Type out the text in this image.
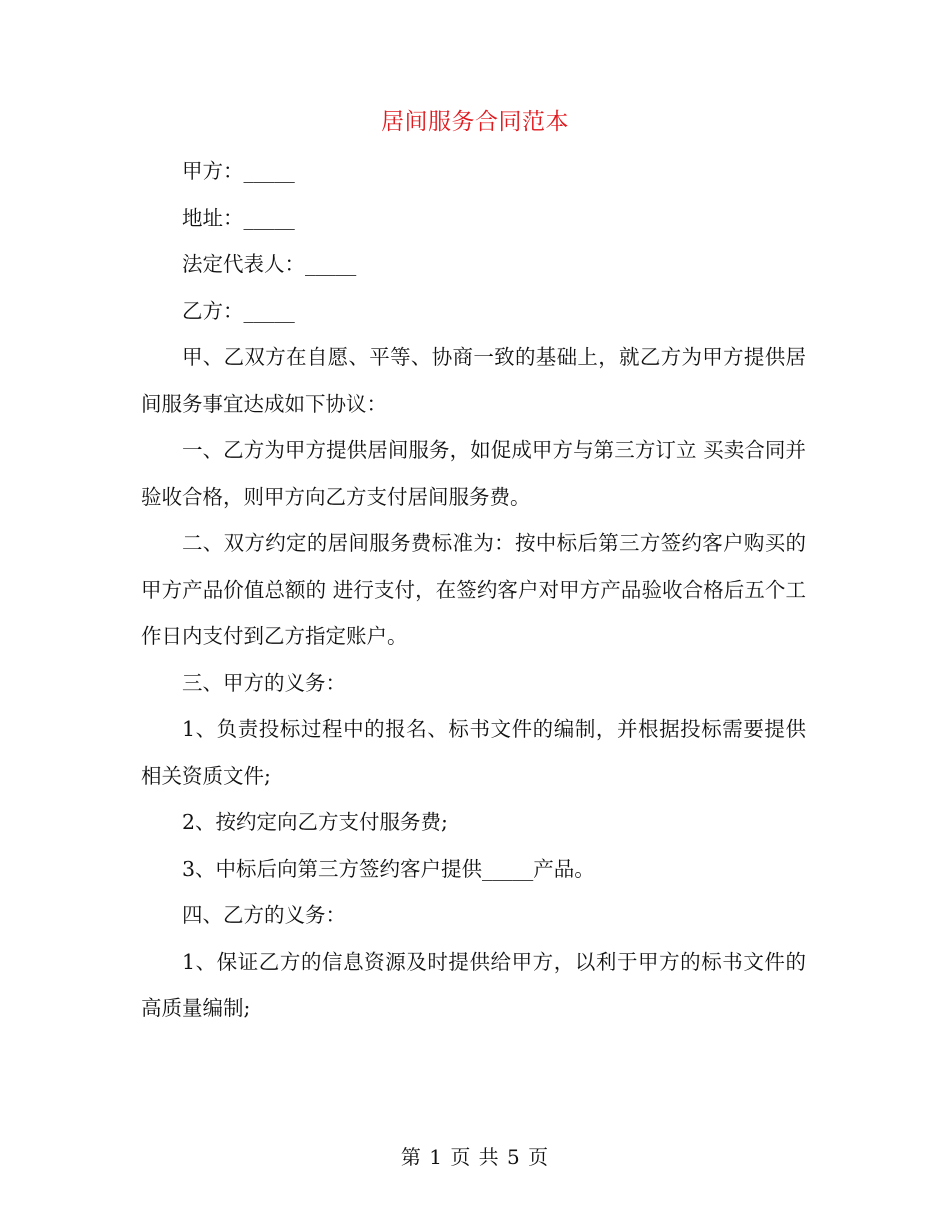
居间服务合同范本

甲方：_____

地址：_____

法定代表人：_____

乙方：_____

甲、乙双方在自愿、平等、协商一致的基础上，就乙方为甲方提供居间服务事宜达成如下协议：

一、乙方为甲方提供居间服务，如促成甲方与第三方订立 买卖合同并验收合格，则甲方向乙方支付居间服务费。

二、双方约定的居间服务费标准为：按中标后第三方签约客户购买的甲方产品价值总额的 进行支付，在签约客户对甲方产品验收合格后五个工作日内支付到乙方指定账户。

三、甲方的义务：

1、负责投标过程中的报名、标书文件的编制，并根据投标需要提供相关资质文件;

2、按约定向乙方支付服务费;

3、中标后向第三方签约客户提供_____产品。

四、乙方的义务：

1、保证乙方的信息资源及时提供给甲方，以利于甲方的标书文件的高质量编制;

第 1 页 共 5 页
